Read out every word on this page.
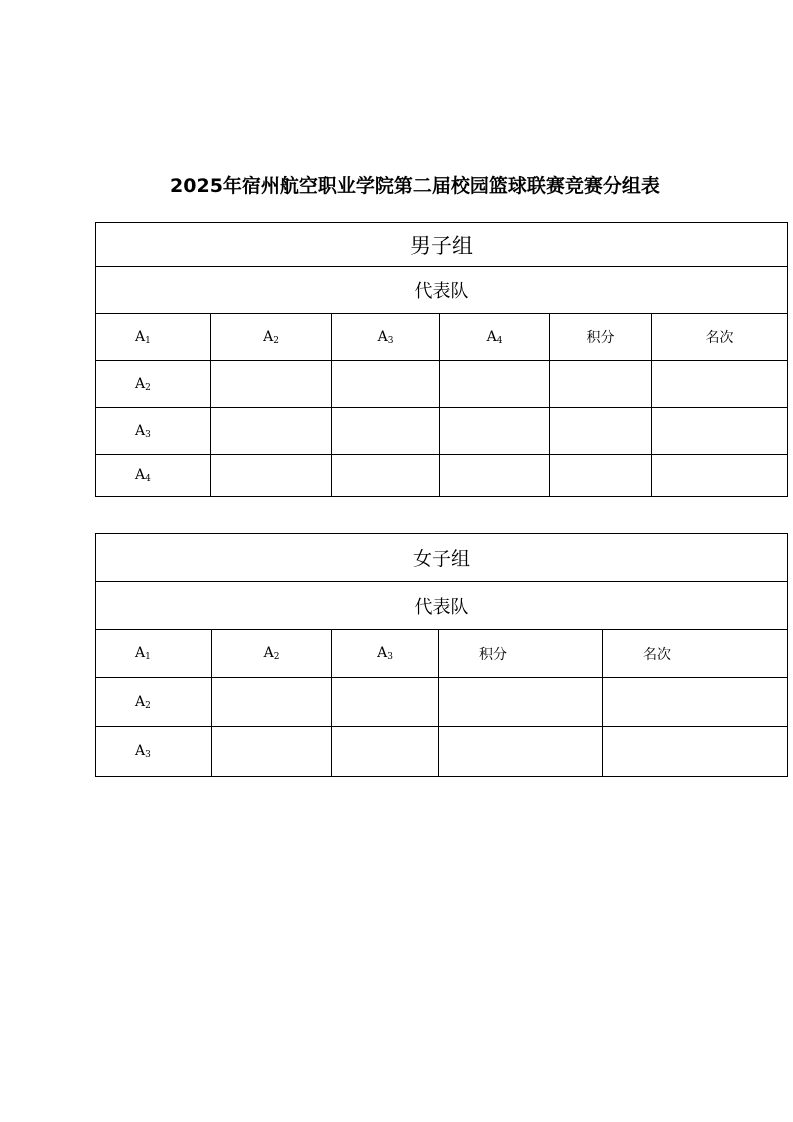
2025年宿州航空职业学院第二届校园篮球联赛竞赛分组表
男子组					
代表队					
$A_1$	$A_2$	$A_3$	$A_4$	积分	名次
$A_2$					
$A_3$					
$A_4$					
女子组				
代表队				
$A_1$	$A_2$	$A_3$	积分	名次
$A_2$				
$A_3$				
